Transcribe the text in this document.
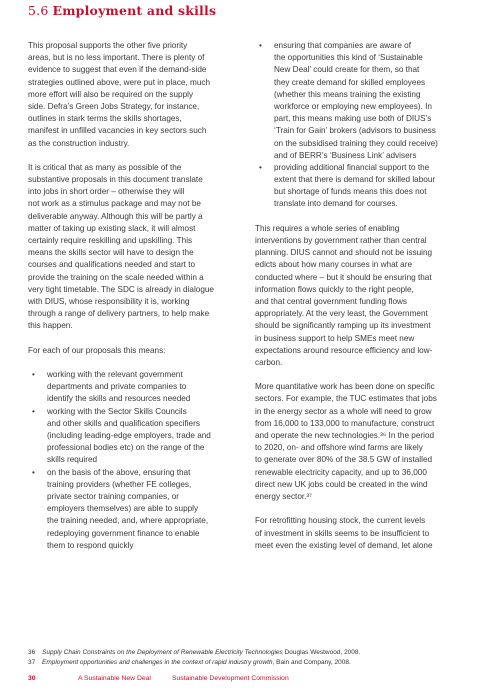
5.6 Employment and skills
This proposal supports the other five priority
areas, but is no less important. There is plenty of
evidence to suggest that even if the demand-side
strategies outlined above, were put in place, much
more effort will also be required on the supply
side. Defra’s Green Jobs Strategy, for instance,
outlines in stark terms the skills shortages,
manifest in unfilled vacancies in key sectors such
as the construction industry.
It is critical that as many as possible of the
substantive proposals in this document translate
into jobs in short order – otherwise they will
not work as a stimulus package and may not be
deliverable anyway. Although this will be partly a
matter of taking up existing slack, it will almost
certainly require reskilling and upskilling. This
means the skills sector will have to design the
courses and qualifications needed and start to
provide the training on the scale needed within a
very tight timetable. The SDC is already in dialogue
with DIUS, whose responsibility it is, working
through a range of delivery partners, to help make
this happen.
For each of our proposals this means:
• working with the relevant government
departments and private companies to
identify the skills and resources needed
• working with the Sector Skills Councils
and other skills and qualification specifiers
(including leading-edge employers, trade and
professional bodies etc) on the range of the
skills required
• on the basis of the above, ensuring that
training providers (whether FE colleges,
private sector training companies, or
employers themselves) are able to supply
the training needed, and, where appropriate,
redeploying government finance to enable
them to respond quickly
• ensuring that companies are aware of
the opportunities this kind of ‘Sustainable
New Deal’ could create for them, so that
they create demand for skilled employees
(whether this means training the existing
workforce or employing new employees). In
part, this means making use both of DIUS’s
‘Train for Gain’ brokers (advisors to business
on the subsidised training they could receive)
and of BERR’s ‘Business Link’ advisers
• providing additional financial support to the
extent that there is demand for skilled labour
but shortage of funds means this does not
translate into demand for courses.
This requires a whole series of enabling
interventions by government rather than central
planning. DIUS cannot and should not be issuing
edicts about how many courses in what are
conducted where – but it should be ensuring that
information flows quickly to the right people,
and that central government funding flows
appropriately. At the very least, the Government
should be significantly ramping up its investment
in business support to help SMEs meet new
expectations around resource efficiency and low-
carbon.
More quantitative work has been done on specific
sectors. For example, the TUC estimates that jobs
in the energy sector as a whole will need to grow
from 16,000 to 133,000 to manufacture, construct
and operate the new technologies.³⁶ In the period
to 2020, on- and offshore wind farms are likely
to generate over 80% of the 38.5 GW of installed
renewable electricity capacity, and up to 36,000
direct new UK jobs could be created in the wind
energy sector.³⁷
For retrofitting housing stock, the current levels
of investment in skills seems to be insufficient to
meet even the existing level of demand, let alone
36 Supply Chain Constraints on the Deployment of Renewable Electricity Technologies Douglas Westwood, 2008.
37 Employment opportunities and challenges in the context of rapid industry growth, Bain and Company, 2008.
30	A Sustainable New Deal	Sustainable Development Commission
